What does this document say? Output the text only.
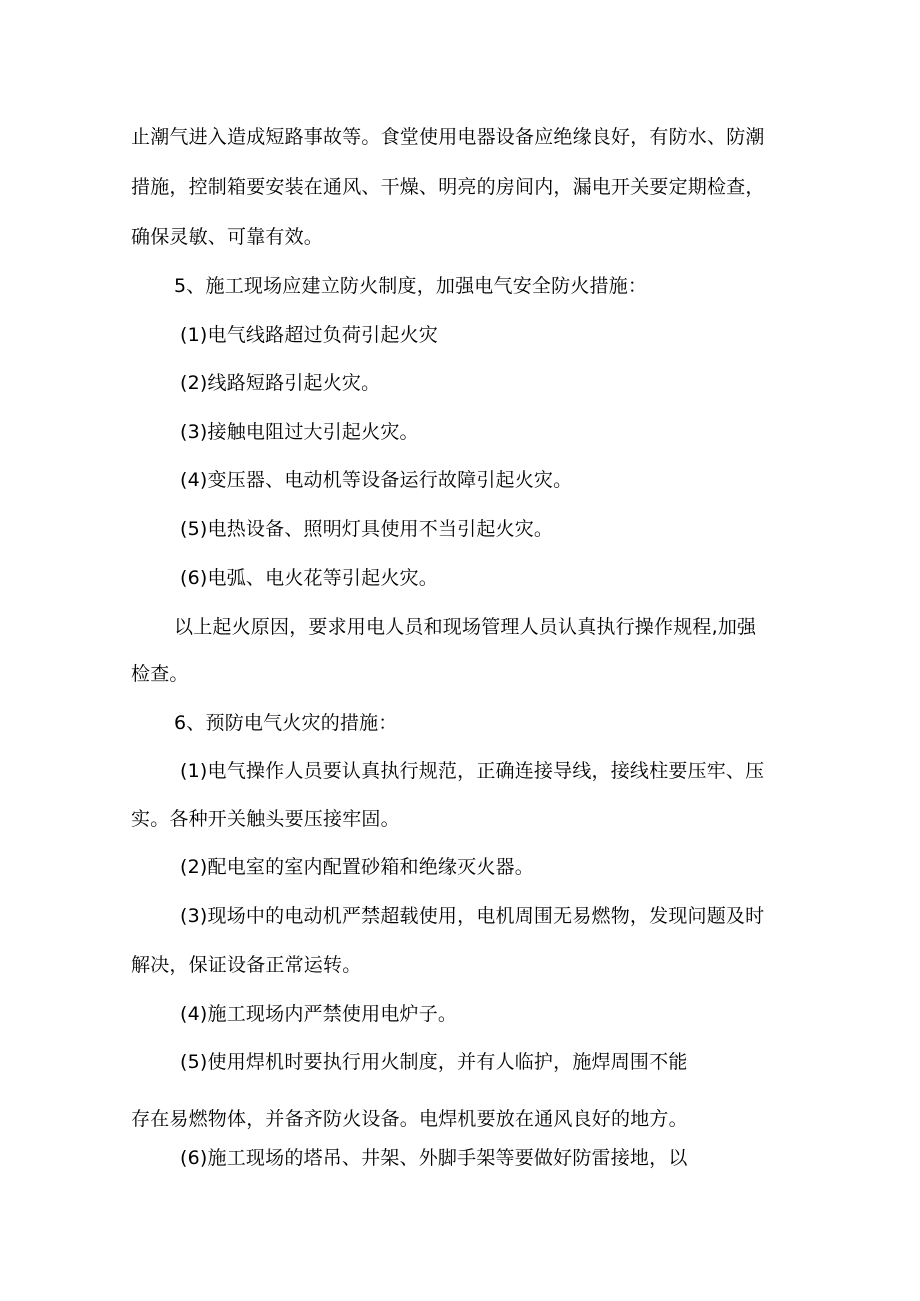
止潮气进入造成短路事故等。食堂使用电器设备应绝缘良好，有防水、防潮
措施，控制箱要安装在通风、干燥、明亮的房间内，漏电开关要定期检查，
确保灵敏、可靠有效。
5、施工现场应建立防火制度，加强电气安全防火措施：
(1)电气线路超过负荷引起火灾
(2)线路短路引起火灾。
(3)接触电阻过大引起火灾。
(4)变压器、电动机等设备运行故障引起火灾。
(5)电热设备、照明灯具使用不当引起火灾。
(6)电弧、电火花等引起火灾。
以上起火原因，要求用电人员和现场管理人员认真执行操作规程,加强
检查。
6、预防电气火灾的措施：
(1)电气操作人员要认真执行规范，正确连接导线，接线柱要压牢、压
实。各种开关触头要压接牢固。
(2)配电室的室内配置砂箱和绝缘灭火器。
(3)现场中的电动机严禁超载使用，电机周围无易燃物，发现问题及时
解决，保证设备正常运转。
(4)施工现场内严禁使用电炉子。
(5)使用焊机时要执行用火制度，并有人临护，施焊周围不能
存在易燃物体，并备齐防火设备。电焊机要放在通风良好的地方。
(6)施工现场的塔吊、井架、外脚手架等要做好防雷接地，以
